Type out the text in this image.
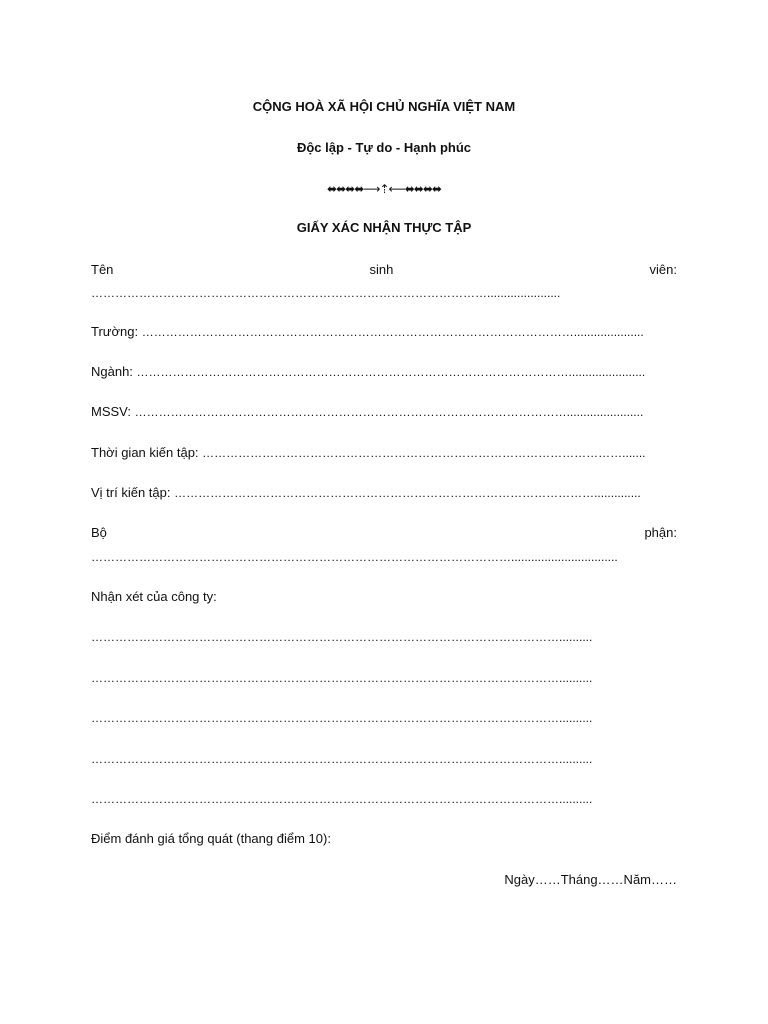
CỘNG HOÀ XÃ HỘI CHỦ NGHĨA VIỆT NAM
Độc lập - Tự do - Hạnh phúc
⬌⬌⬌⬌⟶⇡⟵⬌⬌⬌⬌
GIẤY XÁC NHẬN THỰC TẬP
Tên	sinh	viên:
………………………………………………………………………………………......................
Trường: ……………………………………………………………………………………………….....................
Ngành: ……………………………………………………………………………………………….......................
MSSV: ……………………………………………………………………………………………….......................
Thời gian kiến tập: …………………………………………………………………………………………….......
Vị trí kiến tập: ……………………………………………………………………………………………..............
Bộ	phận:
……………………………………………………………………………………………................................
Nhận xét của công ty:
………………………………………………………………………………………………………..........
………………………………………………………………………………………………………..........
………………………………………………………………………………………………………..........
………………………………………………………………………………………………………..........
………………………………………………………………………………………………………..........
Điểm đánh giá tổng quát (thang điểm 10):
Ngày……Tháng……Năm……
